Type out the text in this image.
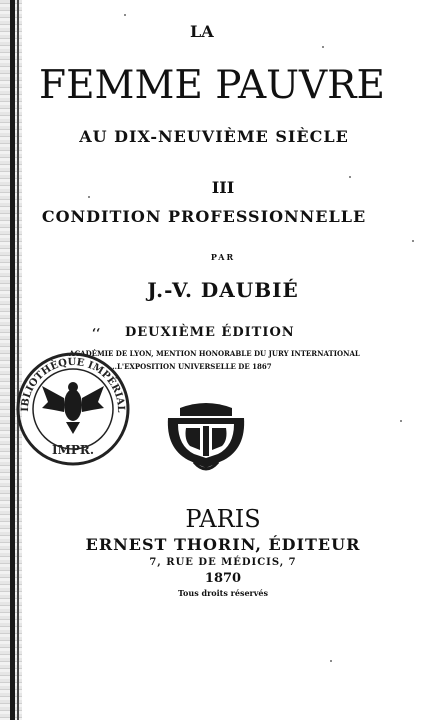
LA
FEMME PAUVRE
AU DIX-NEUVIÈME SIÈCLE
III
CONDITION PROFESSIONNELLE
PAR
J.-V. DAUBIÉ
‘‘ DEUXIÈME ÉDITION
…ACADÉMIE DE LYON, MENTION HONORABLE DU JURY INTERNATIONAL
…L'EXPOSITION UNIVERSELLE DE 1867
IBLIOTHÈQUE IMPÉRIAL
IMPR.
PARIS
ERNEST THORIN, ÉDITEUR
7, RUE DE MÉDICIS, 7
1870
Tous droits réservés
